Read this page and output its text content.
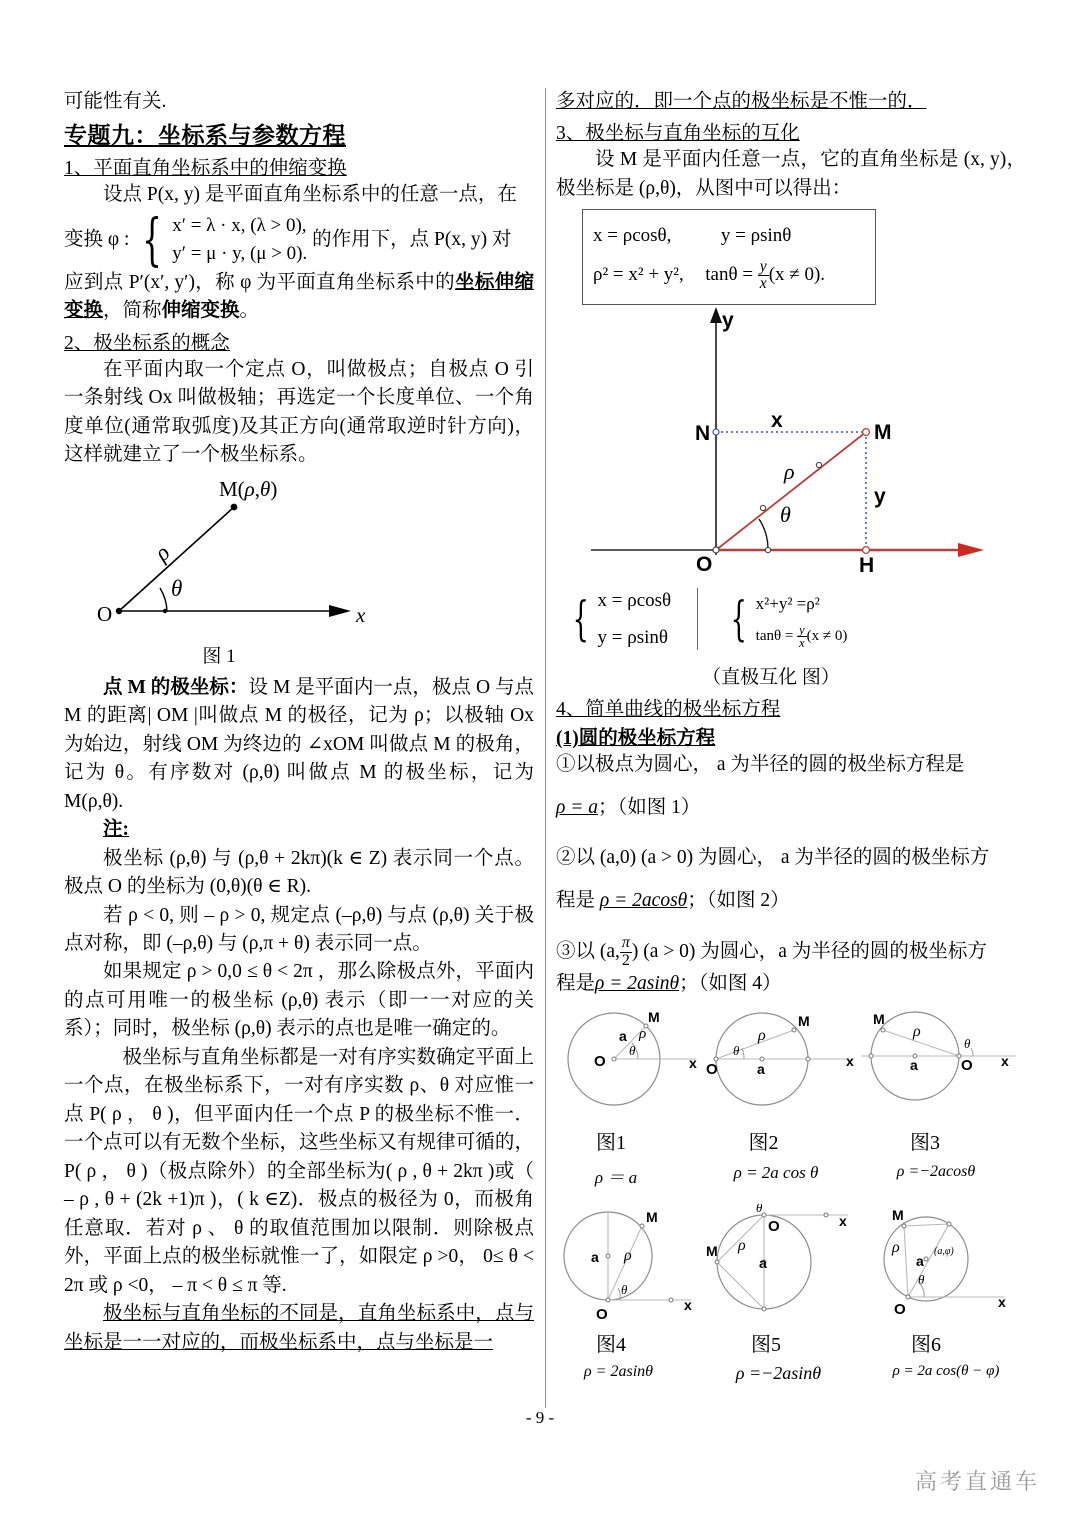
可能性有关.

专题九：坐标系与参数方程
1、平面直角坐标系中的伸缩变换

设点 P(x, y) 是平面直角坐标系中的任意一点，在

变换 φ : { x′ = λ · x, (λ > 0),
y′ = μ · y, (μ > 0).
的作用下，点 P(x, y) 对

应到点 P′(x′, y′)，称 φ 为平面直角坐标系中的坐标伸缩变换，简称伸缩变换。

2、极坐标系的概念

在平面内取一个定点 O，叫做极点；自极点 O 引一条射线 Ox 叫做极轴；再选定一个长度单位、一个角度单位(通常取弧度)及其正方向(通常取逆时针方向)，这样就建立了一个极坐标系。

M(ρ,θ)
O	x
ρ
θ
图 1

点 M 的极坐标：设 M 是平面内一点，极点 O 与点 M 的距离| OM |叫做点 M 的极径，记为 ρ；以极轴 Ox 为始边，射线 OM 为终边的 ∠xOM 叫做点 M 的极角，记为 θ。有序数对 (ρ,θ) 叫做点 M 的极坐标，记为 M(ρ,θ).

注:

极坐标 (ρ,θ) 与 (ρ,θ + 2kπ)(k ∈ Z) 表示同一个点。极点 O 的坐标为 (0,θ)(θ ∈ R).

若 ρ < 0, 则 – ρ > 0, 规定点 (–ρ,θ) 与点 (ρ,θ) 关于极点对称，即 (–ρ,θ) 与 (ρ,π + θ) 表示同一点。

如果规定 ρ > 0,0 ≤ θ < 2π ，那么除极点外，平面内的点可用唯一的极坐标 (ρ,θ) 表示（即一一对应的关系）；同时，极坐标 (ρ,θ) 表示的点也是唯一确定的。

极坐标与直角坐标都是一对有序实数确定平面上一个点，在极坐标系下，一对有序实数 ρ、θ 对应惟一点 P( ρ ， θ )，但平面内任一个点 P 的极坐标不惟一． 一个点可以有无数个坐标，这些坐标又有规律可循的，P( ρ ， θ )（极点除外）的全部坐标为( ρ , θ + 2kπ )或（ – ρ , θ + (2k +1)π )，( k ∈Z)．极点的极径为 0，而极角任意取．若对 ρ 、 θ 的取值范围加以限制．则除极点外，平面上点的极坐标就惟一了，如限定 ρ >0， 0≤ θ < 2π 或 ρ <0， – π < θ ≤ π 等.

极坐标与直角坐标的不同是，直角坐标系中，点与坐标是一一对应的，而极坐标系中，点与坐标是一

多对应的．即一个点的极坐标是不惟一的．

3、极坐标与直角坐标的互化

设 M 是平面内任意一点，它的直角坐标是 (x, y)，极坐标是 (ρ,θ)，从图中可以得出：

x = ρcosθ,	y = ρsinθ
ρ² = x² + y², $\tan\theta = \frac{y}{x} (x \ne 0)$.
y
N	M
O	H
x
y
ρ
θ
{ x = ρcosθ
y = ρsinθ { x²+y² =ρ²
$\tan\theta = \frac{y}{x} (x \ne 0)$
（直极互化 图）
4、简单曲线的极坐标方程
(1)圆的极坐标方程

①以极点为圆心， a 为半径的圆的极坐标方程是

ρ = a；（如图 1）

②以 (a,0) (a > 0) 为圆心， a 为半径的圆的极坐标方

程是 ρ = 2acosθ；（如图 2）

③以 (a, $\frac{\pi}{2}$ ) (a > 0) 为圆心，a 为半径的圆的极坐标方

程是ρ = 2asinθ；（如图 4）

O
M
x
a ρ
θ
图1
ρ ＝ a
O
M
x
a
ρ
θ
图2
ρ = 2a cos θ
O
M
x
a
ρ
θ
图3
ρ =−2acosθ
O
M
x
a ρ
θ
图4
ρ = 2asinθ
O
M
x
a
ρ
θ
图5
ρ =−2asinθ
O
M
x
a
ρ
θ
(a,φ)
图6
ρ = 2a cos(θ − φ)
- 9 -
高考直通车
